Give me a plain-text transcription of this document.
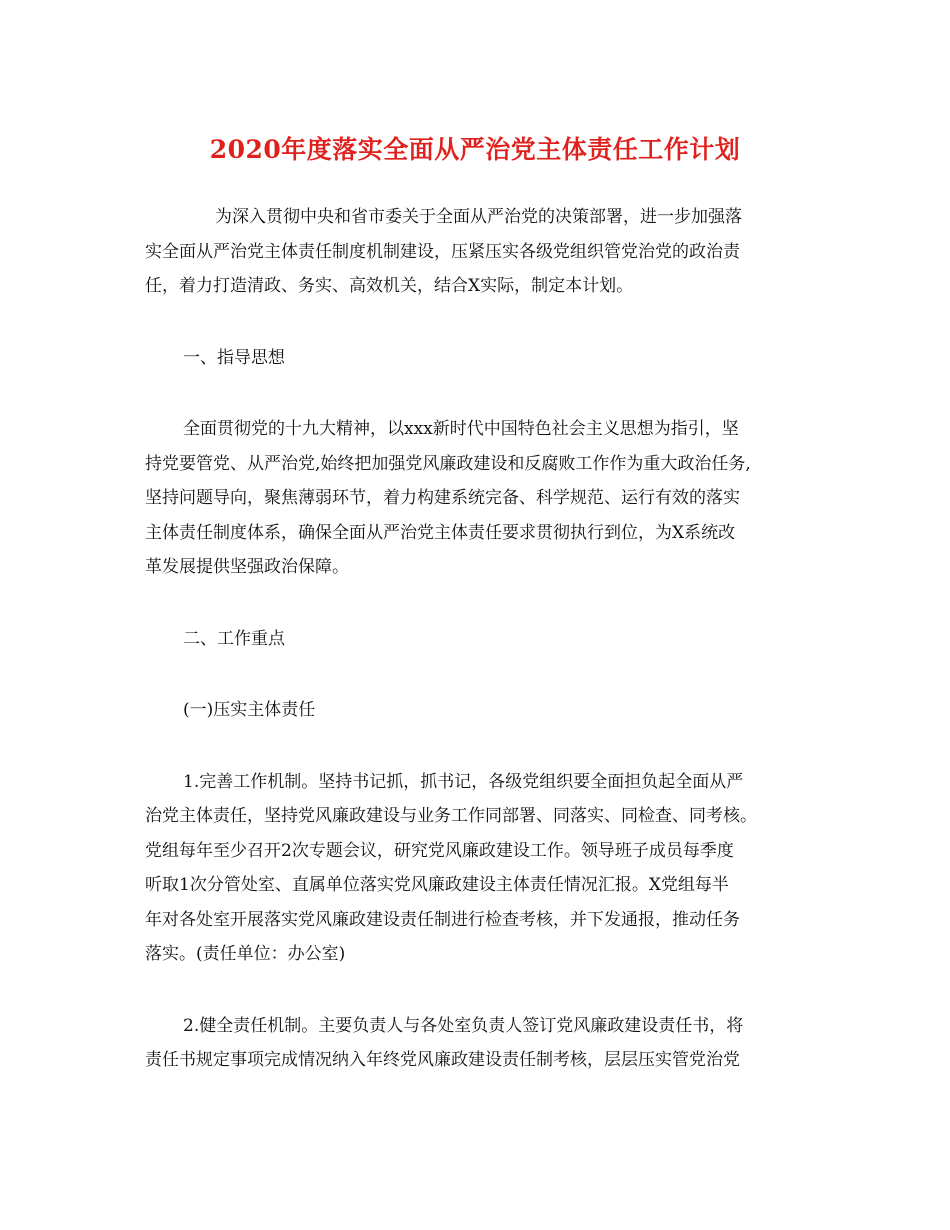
2020年度落实全面从严治党主体责任工作计划
为深入贯彻中央和省市委关于全面从严治党的决策部署，进一步加强落
实全面从严治党主体责任制度机制建设，压紧压实各级党组织管党治党的政治责
任，着力打造清政、务实、高效机关，结合X实际，制定本计划。
一、指导思想
全面贯彻党的十九大精神，以xxx新时代中国特色社会主义思想为指引，坚
持党要管党、从严治党,始终把加强党风廉政建设和反腐败工作作为重大政治任务,
坚持问题导向，聚焦薄弱环节，着力构建系统完备、科学规范、运行有效的落实
主体责任制度体系，确保全面从严治党主体责任要求贯彻执行到位，为X系统改
革发展提供坚强政治保障。
二、工作重点
(一)压实主体责任
1.完善工作机制。坚持书记抓，抓书记，各级党组织要全面担负起全面从严
治党主体责任，坚持党风廉政建设与业务工作同部署、同落实、同检查、同考核。
党组每年至少召开2次专题会议，研究党风廉政建设工作。领导班子成员每季度
听取1次分管处室、直属单位落实党风廉政建设主体责任情况汇报。X党组每半
年对各处室开展落实党风廉政建设责任制进行检查考核，并下发通报，推动任务
落实。(责任单位：办公室)
2.健全责任机制。主要负责人与各处室负责人签订党风廉政建设责任书，将
责任书规定事项完成情况纳入年终党风廉政建设责任制考核，层层压实管党治党
